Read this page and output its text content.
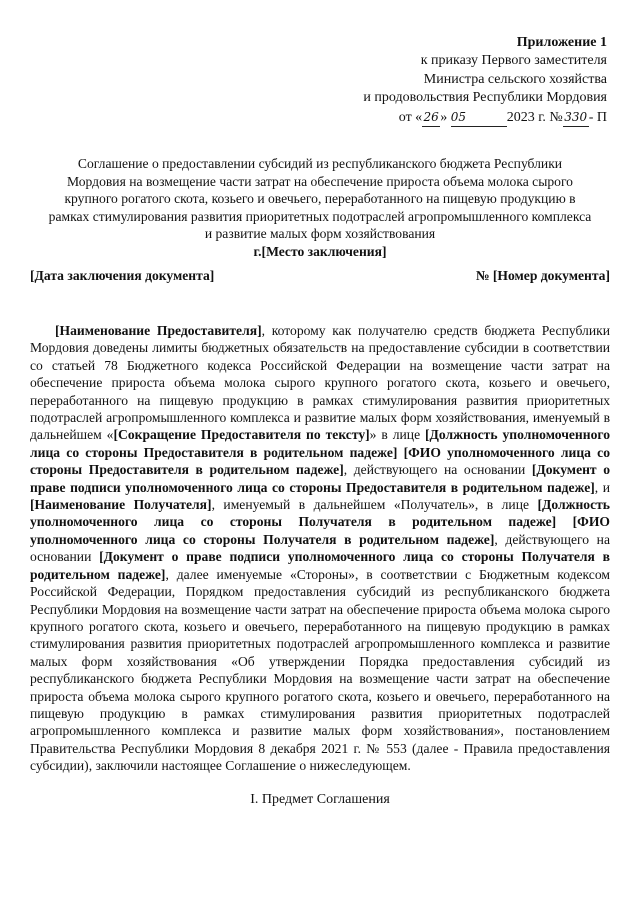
Приложение 1
к приказу Первого заместителя
Министра сельского хозяйства
и продовольствия Республики Мордовия
от «26» 05	2023 г. № 330 - П
Соглашение о предоставлении субсидий из республиканского бюджета Республики
Мордовия на возмещение части затрат на обеспечение прироста объема молока сырого
крупного рогатого скота, козьего и овечьего, переработанного на пищевую продукцию в
рамках стимулирования развития приоритетных подотраслей агропромышленного комплекса
и развитие малых форм хозяйствования
г.[Место заключения]
[Дата заключения документа]	№ [Номер документа]

[Наименование Предоставителя], которому как получателю средств бюджета Республики Мордовия доведены лимиты бюджетных обязательств на предоставление субсидии в соответствии со статьей 78 Бюджетного кодекса Российской Федерации на возмещение части затрат на обеспечение прироста объема молока сырого крупного рогатого скота, козьего и овечьего, переработанного на пищевую продукцию в рамках стимулирования развития приоритетных подотраслей агропромышленного комплекса и развитие малых форм хозяйствования, именуемый в дальнейшем «[Сокращение Предоставителя по тексту]» в лице [Должность уполномоченного лица со стороны Предоставителя в родительном падеже] [ФИО уполномоченного лица со стороны Предоставителя в родительном падеже], действующего на основании [Документ о праве подписи уполномоченного лица со стороны Предоставителя в родительном падеже], и [Наименование Получателя], именуемый в дальнейшем «Получатель», в лице [Должность уполномоченного лица со стороны Получателя в родительном падеже] [ФИО уполномоченного лица со стороны Получателя в родительном падеже], действующего на основании [Документ о праве подписи уполномоченного лица со стороны Получателя в родительном падеже], далее именуемые «Стороны», в соответствии с Бюджетным кодексом Российской Федерации, Порядком предоставления субсидий из республиканского бюджета Республики Мордовия на возмещение части затрат на обеспечение прироста объема молока сырого крупного рогатого скота, козьего и овечьего, переработанного на пищевую продукцию в рамках стимулирования развития приоритетных подотраслей агропромышленного комплекса и развитие малых форм хозяйствования «Об утверждении Порядка предоставления субсидий из республиканского бюджета Республики Мордовия на возмещение части затрат на обеспечение прироста объема молока сырого крупного рогатого скота, козьего и овечьего, переработанного на пищевую продукцию в рамках стимулирования развития приоритетных подотраслей агропромышленного комплекса и развитие малых форм хозяйствования», постановлением Правительства Республики Мордовия 8 декабря 2021 г. № 553 (далее - Правила предоставления субсидии), заключили настоящее Соглашение о нижеследующем.

I. Предмет Соглашения
